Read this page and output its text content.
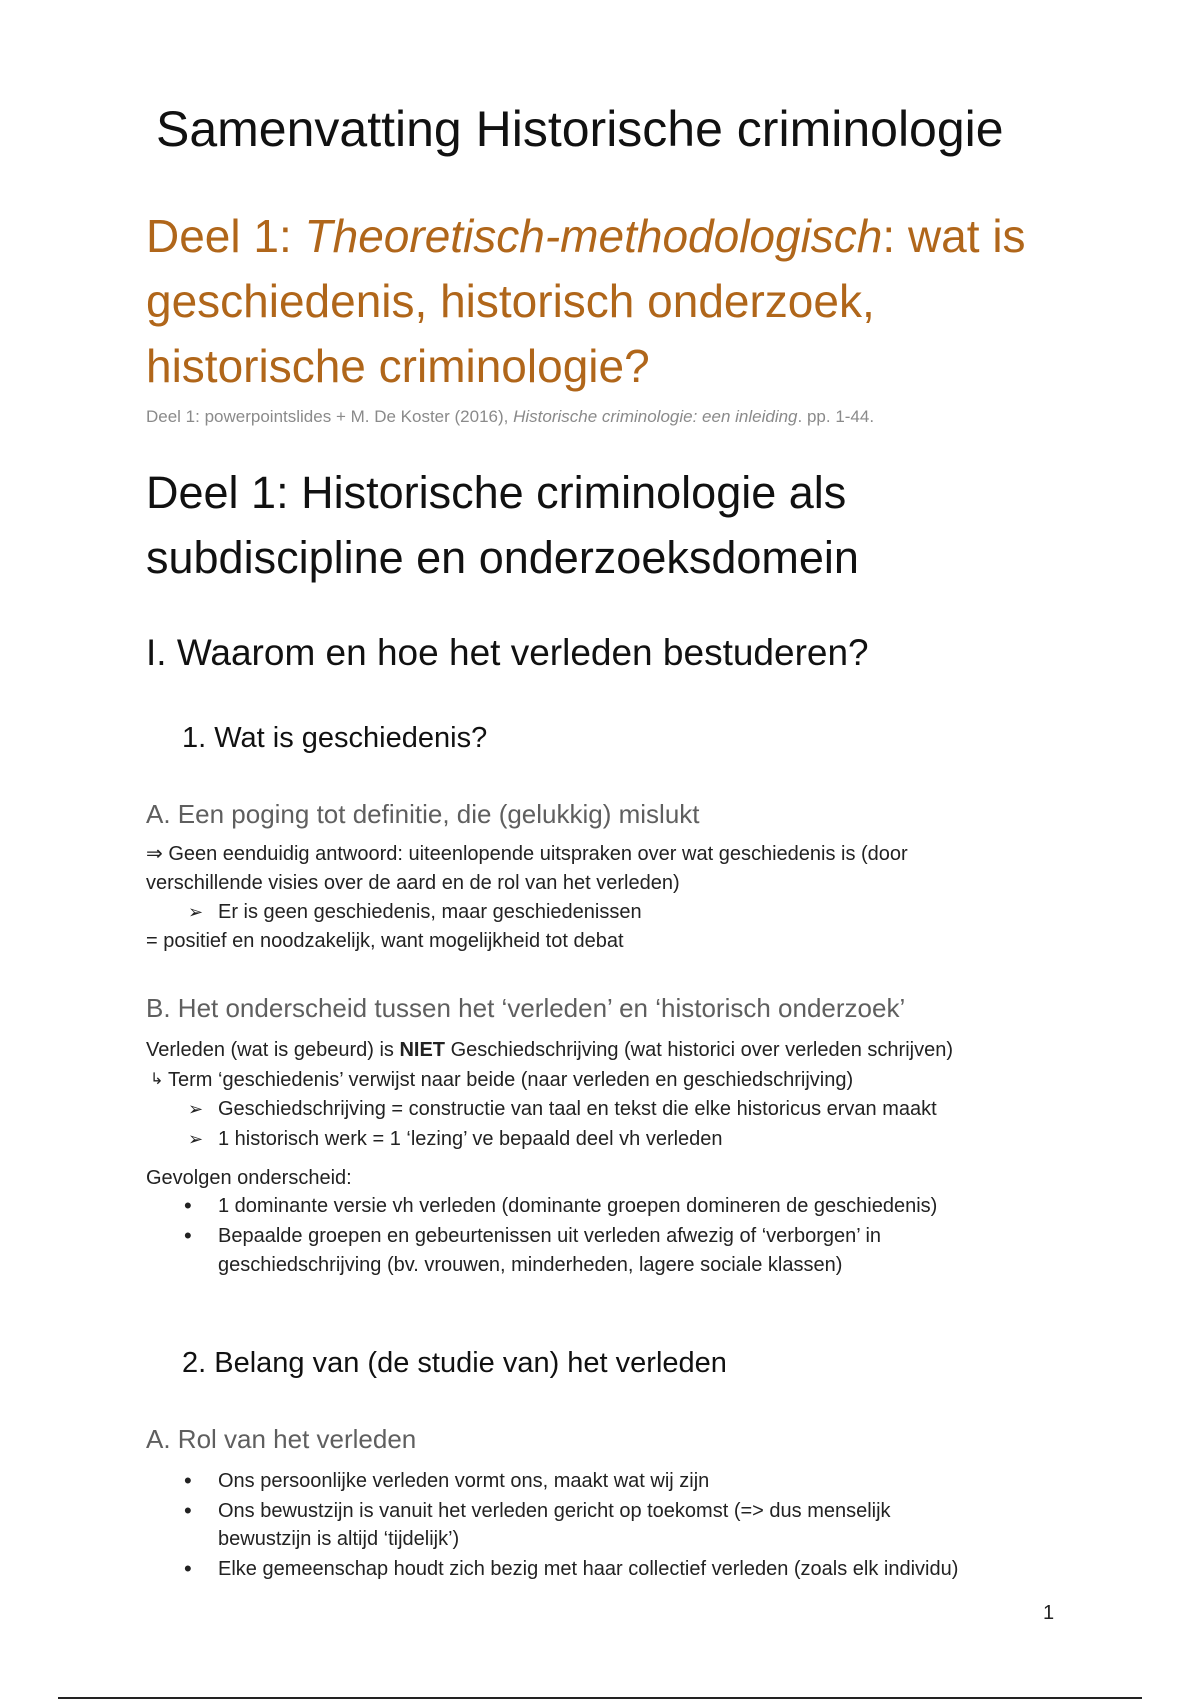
Samenvatting Historische criminologie
Deel 1: Theoretisch-methodologisch: wat is geschiedenis, historisch onderzoek, historische criminologie?

Deel 1: powerpointslides + M. De Koster (2016), Historische criminologie: een inleiding. pp. 1-44.

Deel 1: Historische criminologie als subdiscipline en onderzoeksdomein
I. Waarom en hoe het verleden bestuderen?
1. Wat is geschiedenis?
A. Een poging tot definitie, die (gelukkig) mislukt

⇒ Geen eenduidig antwoord: uiteenlopende uitspraken over wat geschiedenis is (door

verschillende visies over de aard en de rol van het verleden)

➢ Er is geen geschiedenis, maar geschiedenissen

= positief en noodzakelijk, want mogelijkheid tot debat

B. Het onderscheid tussen het ‘verleden’ en ‘historisch onderzoek’

Verleden (wat is gebeurd) is NIET Geschiedschrijving (wat historici over verleden schrijven)

↳ Term ‘geschiedenis’ verwijst naar beide (naar verleden en geschiedschrijving)

➢ Geschiedschrijving = constructie van taal en tekst die elke historicus ervan maakt

➢ 1 historisch werk = 1 ‘lezing’ ve bepaald deel vh verleden

Gevolgen onderscheid:

• 1 dominante versie vh verleden (dominante groepen domineren de geschiedenis)

• Bepaalde groepen en gebeurtenissen uit verleden afwezig of ‘verborgen’ in

geschiedschrijving (bv. vrouwen, minderheden, lagere sociale klassen)

2. Belang van (de studie van) het verleden
A. Rol van het verleden
• Ons persoonlijke verleden vormt ons, maakt wat wij zijn

• Ons bewustzijn is vanuit het verleden gericht op toekomst (=> dus menselijk

bewustzijn is altijd ‘tijdelijk’)

• Elke gemeenschap houdt zich bezig met haar collectief verleden (zoals elk individu)

1
